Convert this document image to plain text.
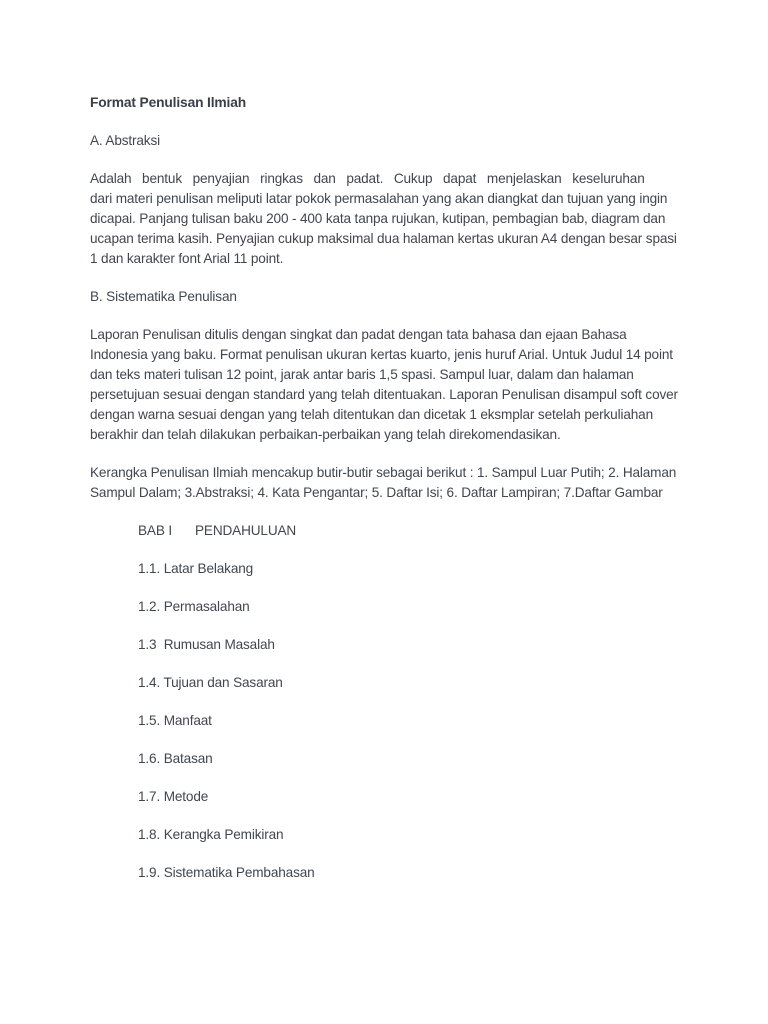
Format Penulisan Ilmiah
A. Abstraksi
Adalah bentuk penyajian ringkas dan padat. Cukup dapat menjelaskan keseluruhan
dari materi penulisan meliputi latar pokok permasalahan yang akan diangkat dan tujuan yang ingin dicapai. Panjang tulisan baku 200 - 400 kata tanpa rujukan, kutipan, pembagian bab, diagram dan ucapan terima kasih. Penyajian cukup maksimal dua halaman kertas ukuran A4 dengan besar spasi 1 dan karakter font Arial 11 point.
B. Sistematika Penulisan
Laporan Penulisan ditulis dengan singkat dan padat dengan tata bahasa dan ejaan Bahasa Indonesia yang baku. Format penulisan ukuran kertas kuarto, jenis huruf Arial. Untuk Judul 14 point dan teks materi tulisan 12 point, jarak antar baris 1,5 spasi. Sampul luar, dalam dan halaman persetujuan sesuai dengan standard yang telah ditentuakan. Laporan Penulisan disampul soft cover dengan warna sesuai dengan yang telah ditentukan dan dicetak 1 eksmplar setelah perkuliahan berakhir dan telah dilakukan perbaikan-perbaikan yang telah direkomendasikan.
Kerangka Penulisan Ilmiah mencakup butir-butir sebagai berikut : 1. Sampul Luar Putih; 2. Halaman Sampul Dalam; 3.Abstraksi; 4. Kata Pengantar; 5. Daftar Isi; 6. Daftar Lampiran; 7.Daftar Gambar
BAB I	PENDAHULUAN
1.1. Latar Belakang
1.2. Permasalahan
1.3  Rumusan Masalah
1.4. Tujuan dan Sasaran
1.5. Manfaat
1.6. Batasan
1.7. Metode
1.8. Kerangka Pemikiran
1.9. Sistematika Pembahasan
